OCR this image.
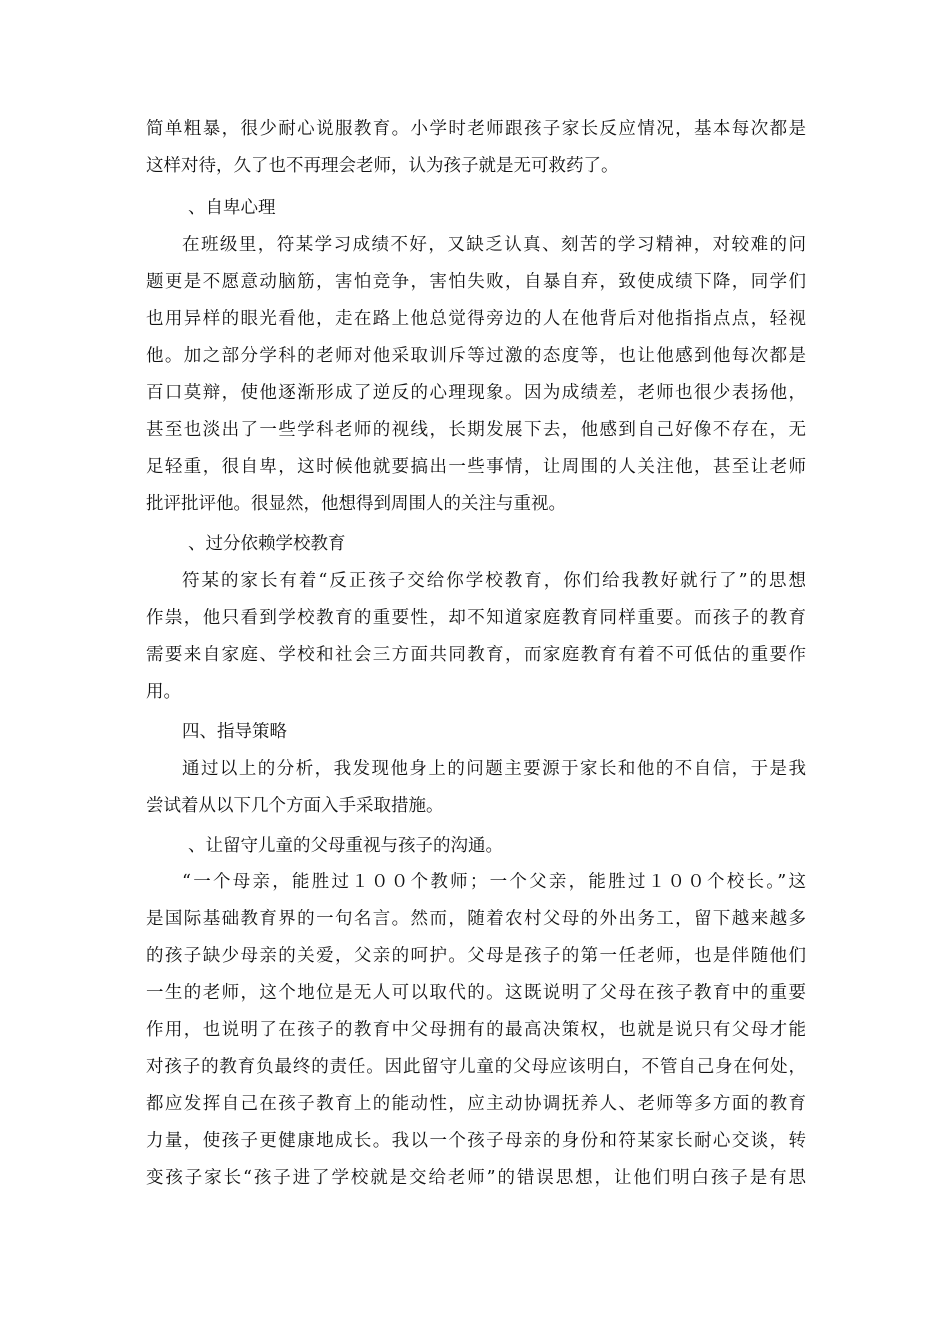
简单粗暴，很少耐心说服教育。小学时老师跟孩子家长反应情况，基本每次都是
这样对待，久了也不再理会老师，认为孩子就是无可救药了。
、自卑心理
在班级里，符某学习成绩不好，又缺乏认真、刻苦的学习精神，对较难的问
题更是不愿意动脑筋，害怕竞争，害怕失败，自暴自弃，致使成绩下降，同学们
也用异样的眼光看他，走在路上他总觉得旁边的人在他背后对他指指点点，轻视
他。加之部分学科的老师对他采取训斥等过激的态度等，也让他感到他每次都是
百口莫辩，使他逐渐形成了逆反的心理现象。因为成绩差，老师也很少表扬他，
甚至也淡出了一些学科老师的视线，长期发展下去，他感到自己好像不存在，无
足轻重，很自卑，这时候他就要搞出一些事情，让周围的人关注他，甚至让老师
批评批评他。很显然，他想得到周围人的关注与重视。
、过分依赖学校教育
符某的家长有着“反正孩子交给你学校教育，你们给我教好就行了”的思想
作祟，他只看到学校教育的重要性，却不知道家庭教育同样重要。而孩子的教育
需要来自家庭、学校和社会三方面共同教育，而家庭教育有着不可低估的重要作
用。
四、指导策略
通过以上的分析，我发现他身上的问题主要源于家长和他的不自信，于是我
尝试着从以下几个方面入手采取措施。
、让留守儿童的父母重视与孩子的沟通。
“一个母亲，能胜过１００个教师；一个父亲，能胜过１００个校长。”这
是国际基础教育界的一句名言。然而，随着农村父母的外出务工，留下越来越多
的孩子缺少母亲的关爱，父亲的呵护。父母是孩子的第一任老师，也是伴随他们
一生的老师，这个地位是无人可以取代的。这既说明了父母在孩子教育中的重要
作用，也说明了在孩子的教育中父母拥有的最高决策权，也就是说只有父母才能
对孩子的教育负最终的责任。因此留守儿童的父母应该明白，不管自己身在何处，
都应发挥自己在孩子教育上的能动性，应主动协调抚养人、老师等多方面的教育
力量，使孩子更健康地成长。我以一个孩子母亲的身份和符某家长耐心交谈，转
变孩子家长“孩子进了学校就是交给老师”的错误思想，让他们明白孩子是有思
